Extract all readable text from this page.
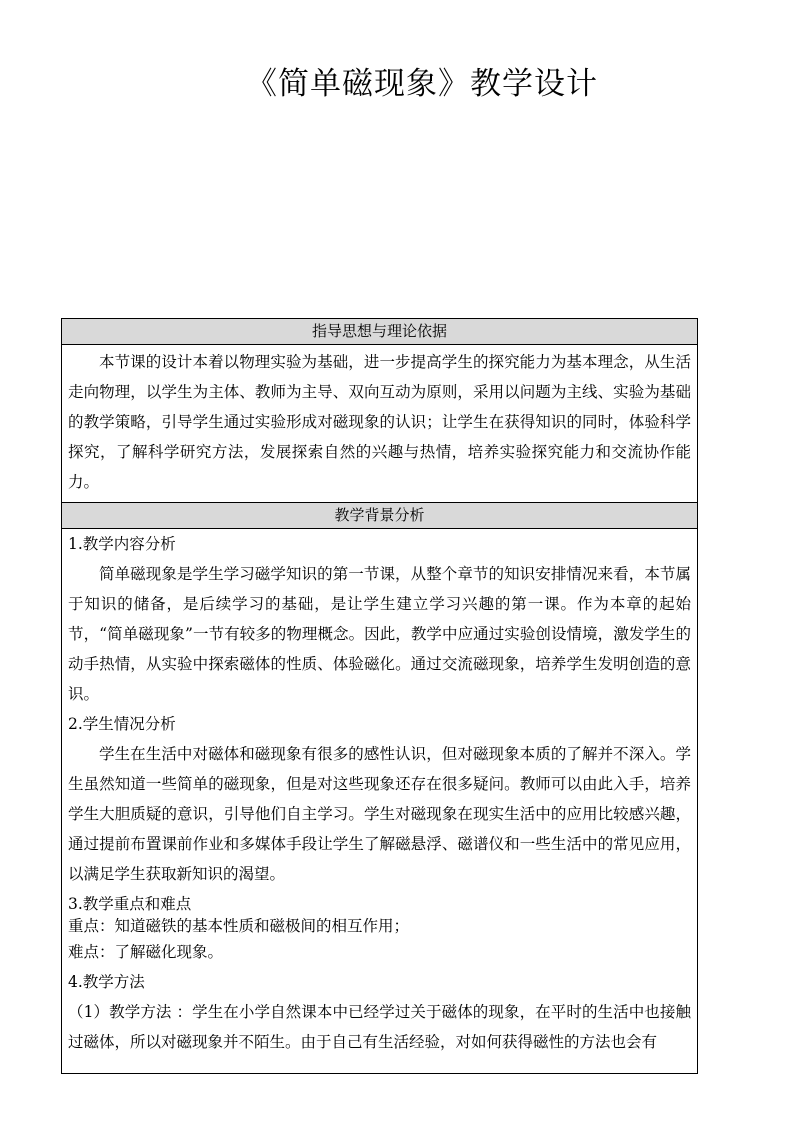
《简单磁现象》教学设计
指导思想与理论依据

本节课的设计本着以物理实验为基础，进一步提高学生的探究能力为基本理念，从生活走向物理，以学生为主体、教师为主导、双向互动为原则，采用以问题为主线、实验为基础的教学策略，引导学生通过实验形成对磁现象的认识；让学生在获得知识的同时，体验科学探究，了解科学研究方法，发展探索自然的兴趣与热情，培养实验探究能力和交流协作能力。

教学背景分析

1.教学内容分析

简单磁现象是学生学习磁学知识的第一节课，从整个章节的知识安排情况来看，本节属于知识的储备，是后续学习的基础，是让学生建立学习兴趣的第一课。作为本章的起始节，“简单磁现象”一节有较多的物理概念。因此，教学中应通过实验创设情境，激发学生的动手热情，从实验中探索磁体的性质、体验磁化。通过交流磁现象，培养学生发明创造的意识。

2.学生情况分析

学生在生活中对磁体和磁现象有很多的感性认识，但对磁现象本质的了解并不深入。学生虽然知道一些简单的磁现象，但是对这些现象还存在很多疑问。教师可以由此入手，培养学生大胆质疑的意识，引导他们自主学习。学生对磁现象在现实生活中的应用比较感兴趣，通过提前布置课前作业和多媒体手段让学生了解磁悬浮、磁谱仪和一些生活中的常见应用，以满足学生获取新知识的渴望。

3.教学重点和难点

重点：知道磁铁的基本性质和磁极间的相互作用；

难点：了解磁化现象。

4.教学方法

（1）教学方法 ：学生在小学自然课本中已经学过关于磁体的现象，在平时的生活中也接触过磁体，所以对磁现象并不陌生。由于自己有生活经验，对如何获得磁性的方法也会有
